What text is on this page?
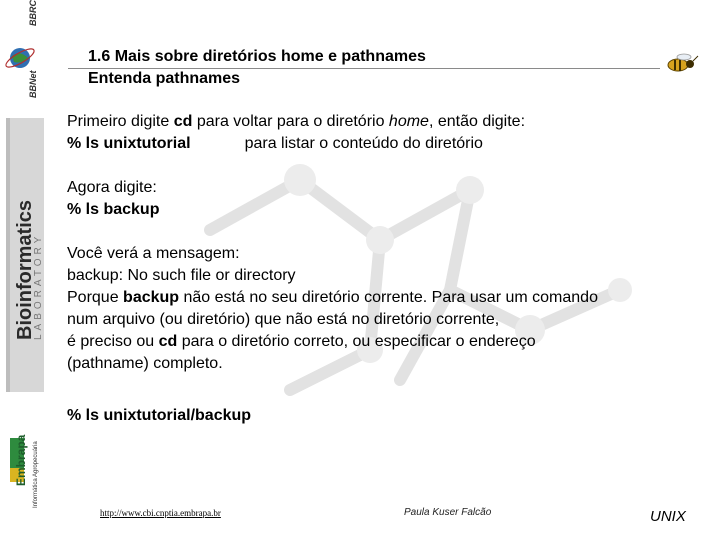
BBRC
BBNet
Bioinformatics
LABORATORY
Embrapa Informática Agropecuária
1.6 Mais sobre diretórios home e pathnames
Entenda pathnames

Primeiro digite cd para voltar para o diretório home, então digite:

% ls unixtutorial	para listar o conteúdo do diretório

Agora digite:

% ls backup

Você verá a mensagem:

backup: No such file or directory

Porque backup não está no seu diretório corrente. Para usar um comando

num arquivo (ou diretório) que não está no diretório corrente,

é preciso ou cd para o diretório correto, ou especificar o endereço

(pathname) completo.

% ls unixtutorial/backup

http://www.cbi.cnptia.embrapa.br	Paula Kuser Falcão	UNIX
